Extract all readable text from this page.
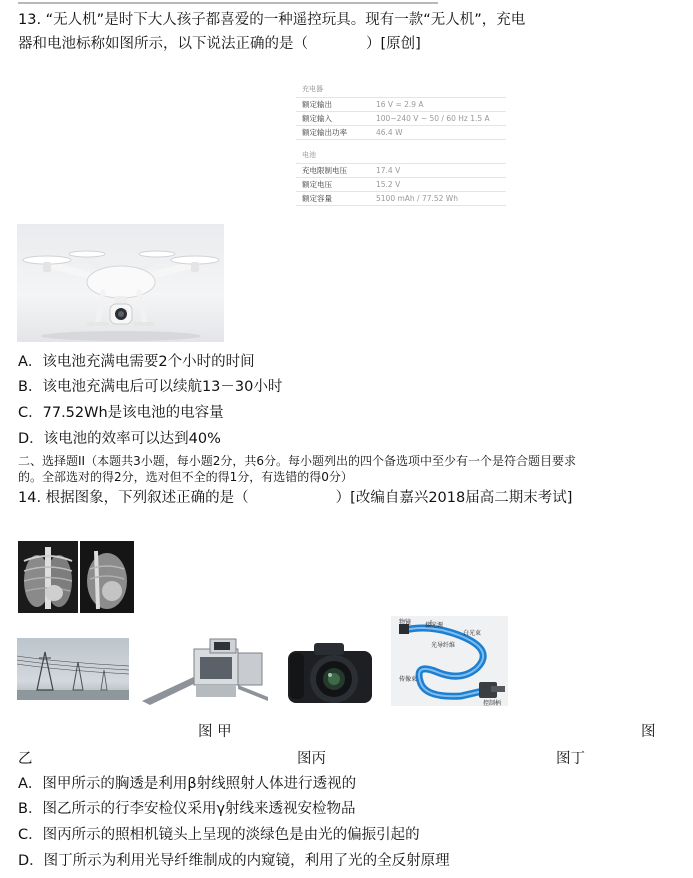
13. “无人机”是时下大人孩子都喜爱的一种遥控玩具。现有一款“无人机”，充电
器和电池标称如图所示，以下说法正确的是（　　　　）[原创]
充电器
额定输出	16 V = 2.9 A
额定输入	100~240 V ~ 50 / 60 Hz 1.5 A
额定输出功率	46.4 W
电池
充电限制电压	17.4 V
额定电压	15.2 V
额定容量	5100 mAh / 77.52 Wh
A．该电池充满电需要2个小时的时间
B．该电池充满电后可以续航13－30小时
C．77.52Wh是该电池的电容量
D．该电池的效率可以达到40%
二、选择题II（本题共3小题，每小题2分，共6分。每小题列出的四个备选项中至少有一个是符合题目要求
的。全部选对的得2分，选对但不全的得1分，有选错的得0分）
14. 根据图象，下列叙述正确的是（　　　　　　）[改编自嘉兴2018届高二期末考试]
物镜 接光源
白光束
光导纤维
传像束
控制柄
图 甲	图
乙	图丙	图丁
A．图甲所示的胸透是利用β射线照射人体进行透视的
B．图乙所示的行李安检仪采用γ射线来透视安检物品
C．图丙所示的照相机镜头上呈现的淡绿色是由光的偏振引起的
D．图丁所示为利用光导纤维制成的内窥镜，利用了光的全反射原理
